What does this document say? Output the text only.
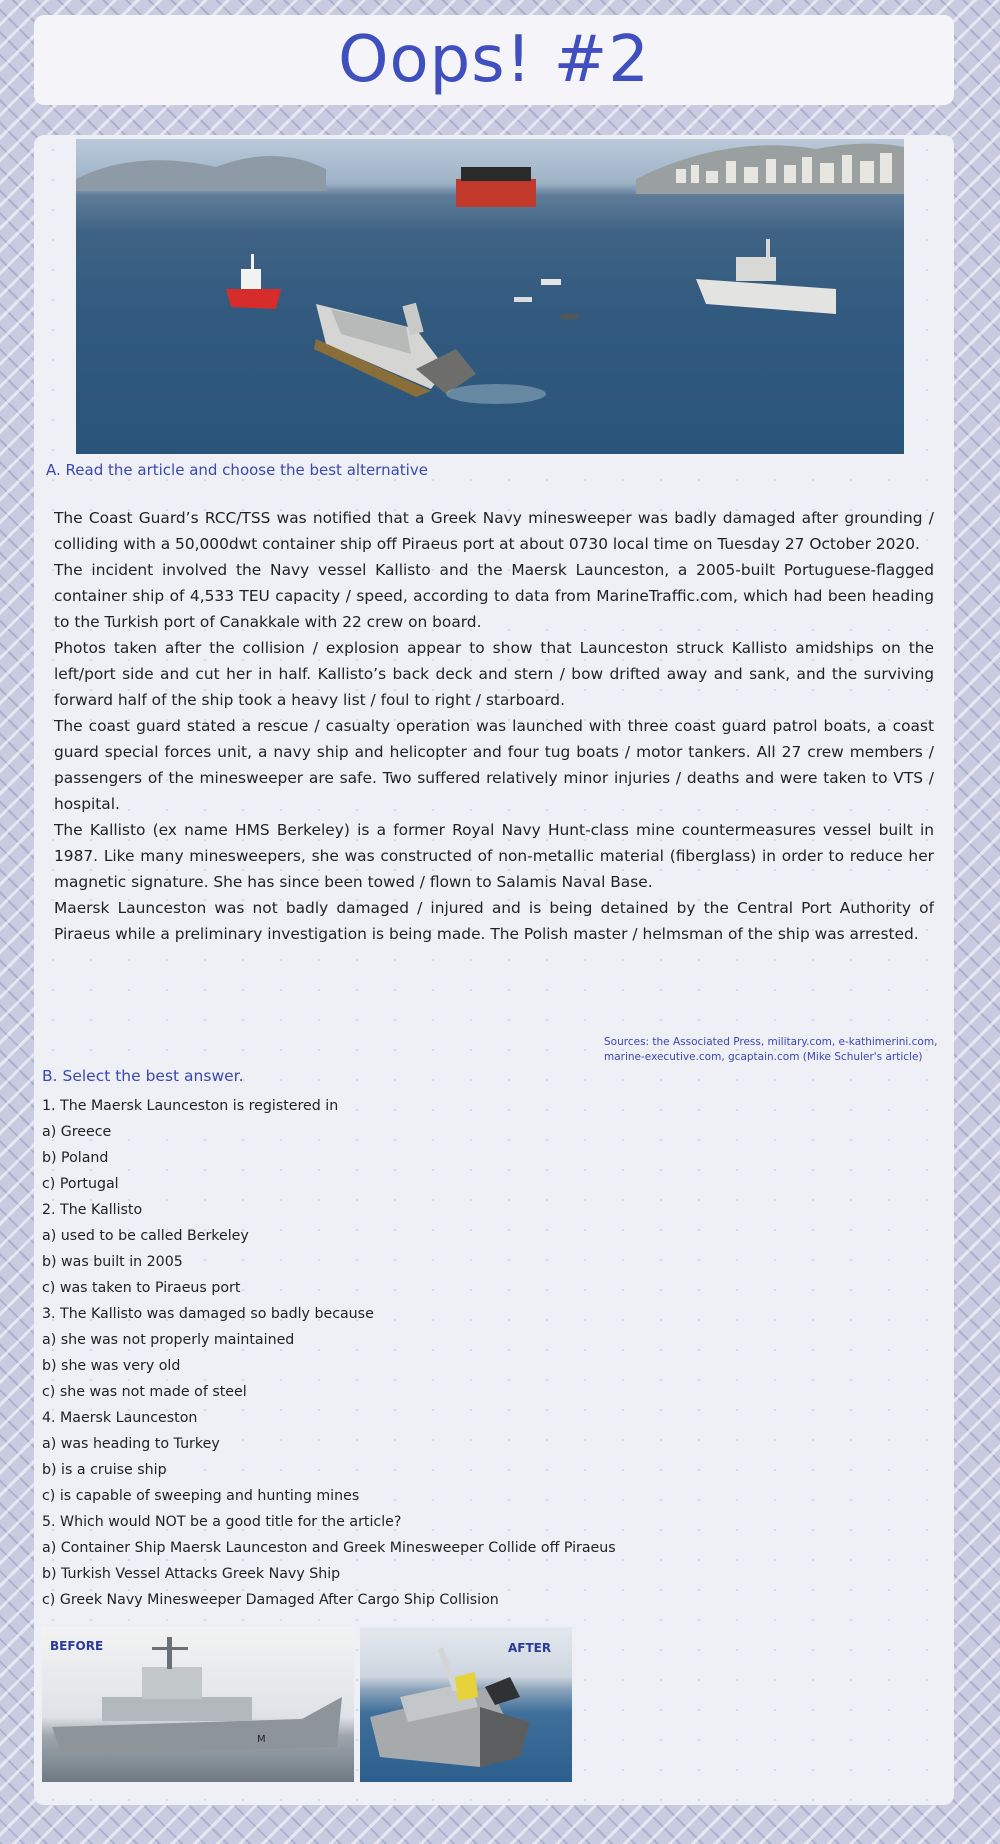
Oops! #2
A. Read the article and choose the best alternative

The Coast Guard’s RCC/TSS was notified that a Greek Navy minesweeper was badly damaged after grounding / colliding with a 50,000dwt container ship off Piraeus port at about 0730 local time on Tuesday 27 October 2020.

The incident involved the Navy vessel Kallisto and the Maersk Launceston, a 2005-built Portuguese-flagged container ship of 4,533 TEU capacity / speed, according to data from MarineTraffic.com, which had been heading to the Turkish port of Canakkale with 22 crew on board.

Photos taken after the collision / explosion appear to show that Launceston struck Kallisto amidships on the left/port side and cut her in half. Kallisto’s back deck and stern / bow drifted away and sank, and the surviving forward half of the ship took a heavy list / foul to right / starboard.

The coast guard stated a rescue / casualty operation was launched with three coast guard patrol boats, a coast guard special forces unit, a navy ship and helicopter and four tug boats / motor tankers. All 27 crew members / passengers of the minesweeper are safe. Two suffered relatively minor injuries / deaths and were taken to VTS / hospital.

The Kallisto (ex name HMS Berkeley) is a former Royal Navy Hunt-class mine countermeasures vessel built in 1987. Like many minesweepers, she was constructed of non-metallic material (fiberglass) in order to reduce her magnetic signature. She has since been towed / flown to Salamis Naval Base.

Maersk Launceston was not badly damaged / injured and is being detained by the Central Port Authority of Piraeus while a preliminary investigation is being made. The Polish master / helmsman of the ship was arrested.

Sources: the Associated Press, military.com, e-kathimerini.com, marine-executive.com, gcaptain.com (Mike Schuler's article)
B. Select the best answer.
1. The Maersk Launceston is registered in
a) Greece
b) Poland
c) Portugal
2. The Kallisto
a) used to be called Berkeley
b) was built in 2005
c) was taken to Piraeus port
3. The Kallisto was damaged so badly because
a) she was not properly maintained
b) she was very old
c) she was not made of steel
4. Maersk Launceston
a) was heading to Turkey
b) is a cruise ship
c) is capable of sweeping and hunting mines
5. Which would NOT be a good title for the article?
a) Container Ship Maersk Launceston and Greek Minesweeper Collide off Piraeus
b) Turkish Vessel Attacks Greek Navy Ship
c) Greek Navy Minesweeper Damaged After Cargo Ship Collision
M
BEFORE	AFTER
